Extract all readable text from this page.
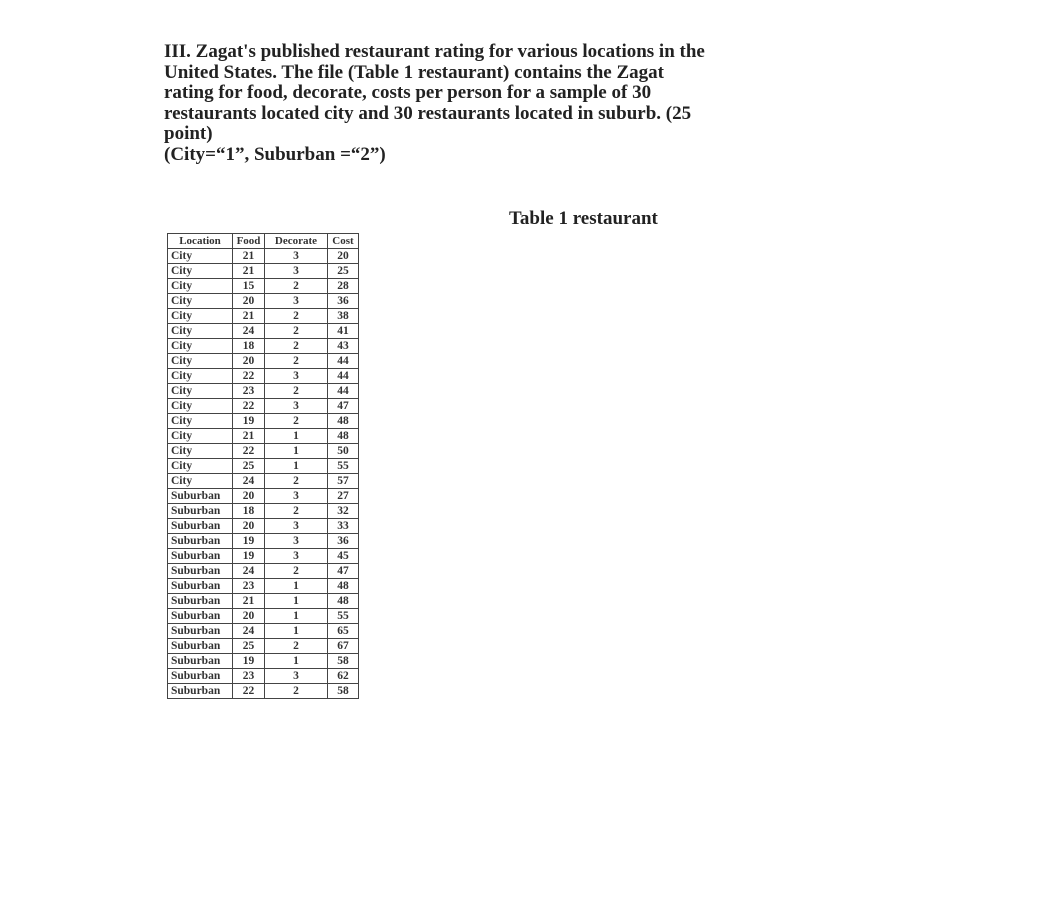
III. Zagat's published restaurant rating for various locations in the
United States. The file (Table 1 restaurant) contains the Zagat
rating for food, decorate, costs per person for a sample of 30
restaurants located city and 30 restaurants located in suburb. (25
point)

(City=“1”, Suburban =“2”)

Table 1 restaurant
Location	Food	Decorate	Cost
City	21	3	20
City	21	3	25
City	15	2	28
City	20	3	36
City	21	2	38
City	24	2	41
City	18	2	43
City	20	2	44
City	22	3	44
City	23	2	44
City	22	3	47
City	19	2	48
City	21	1	48
City	22	1	50
City	25	1	55
City	24	2	57
Suburban	20	3	27
Suburban	18	2	32
Suburban	20	3	33
Suburban	19	3	36
Suburban	19	3	45
Suburban	24	2	47
Suburban	23	1	48
Suburban	21	1	48
Suburban	20	1	55
Suburban	24	1	65
Suburban	25	2	67
Suburban	19	1	58
Suburban	23	3	62
Suburban	22	2	58
